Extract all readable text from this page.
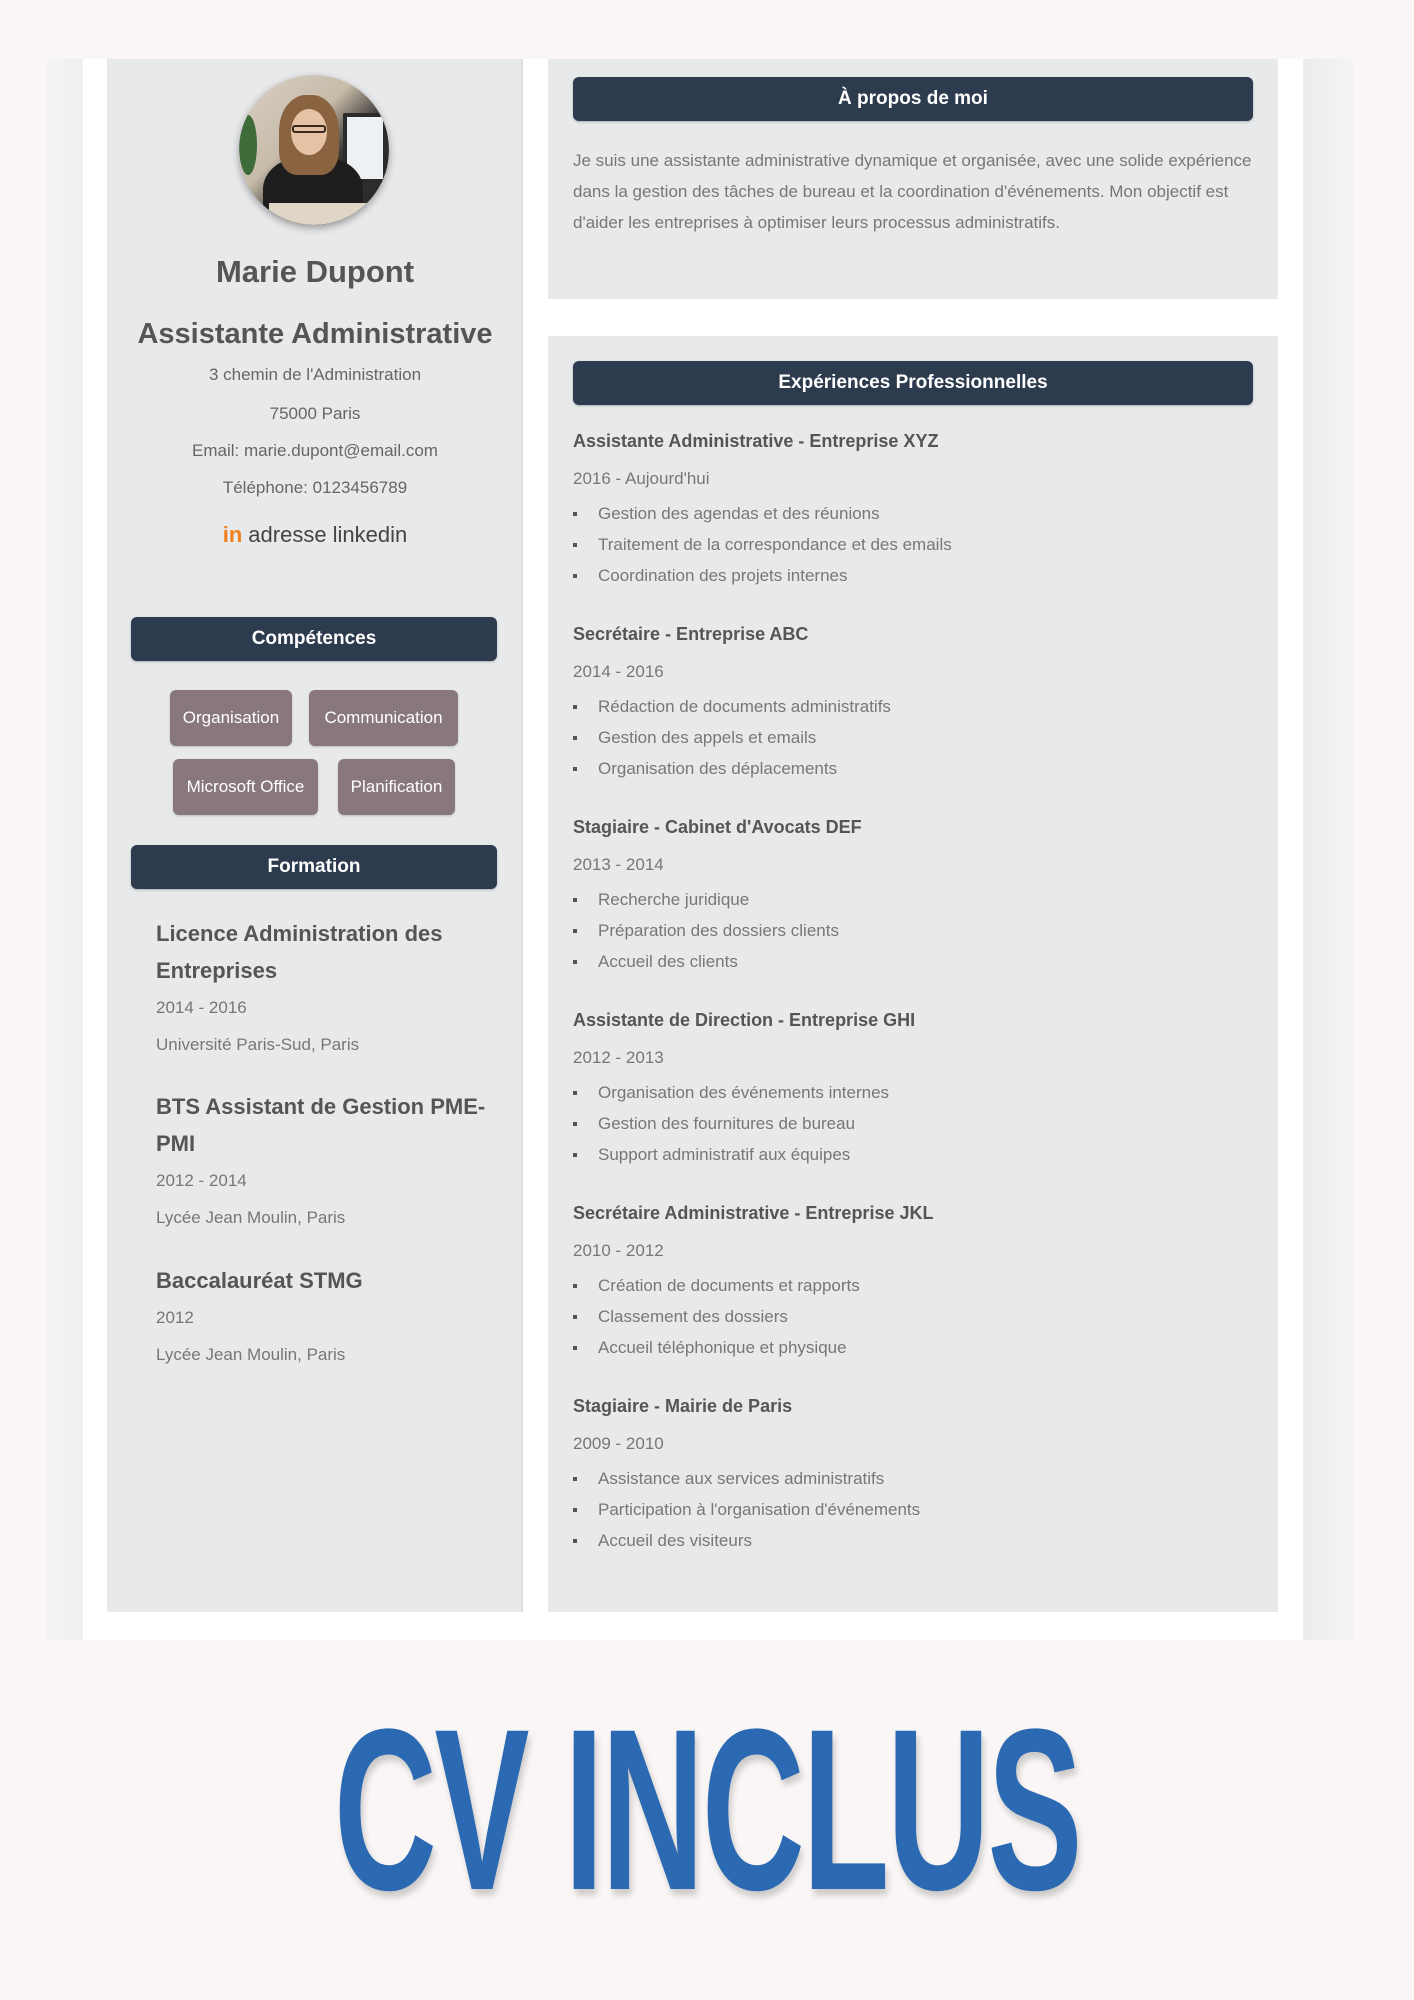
Marie Dupont
Assistante Administrative
3 chemin de l'Administration
75000 Paris
Email: marie.dupont@email.com
Téléphone: 0123456789
in adresse linkedin
Compétences
Organisation	Communication
Microsoft Office	Planification
Formation
Licence Administration des Entreprises
2014 - 2016
Université Paris-Sud, Paris
BTS Assistant de Gestion PME-PMI
2012 - 2014
Lycée Jean Moulin, Paris
Baccalauréat STMG
2012
Lycée Jean Moulin, Paris
À propos de moi
Je suis une assistante administrative dynamique et organisée, avec une solide expérience dans la gestion des tâches de bureau et la coordination d'événements. Mon objectif est d'aider les entreprises à optimiser leurs processus administratifs.
Expériences Professionnelles
Assistante Administrative - Entreprise XYZ
2016 - Aujourd'hui
Gestion des agendas et des réunions
Traitement de la correspondance et des emails
Coordination des projets internes
Secrétaire - Entreprise ABC
2014 - 2016
Rédaction de documents administratifs
Gestion des appels et emails
Organisation des déplacements
Stagiaire - Cabinet d'Avocats DEF
2013 - 2014
Recherche juridique
Préparation des dossiers clients
Accueil des clients
Assistante de Direction - Entreprise GHI
2012 - 2013
Organisation des événements internes
Gestion des fournitures de bureau
Support administratif aux équipes
Secrétaire Administrative - Entreprise JKL
2010 - 2012
Création de documents et rapports
Classement des dossiers
Accueil téléphonique et physique
Stagiaire - Mairie de Paris
2009 - 2010
Assistance aux services administratifs
Participation à l'organisation d'événements
Accueil des visiteurs
CV INCLUS
